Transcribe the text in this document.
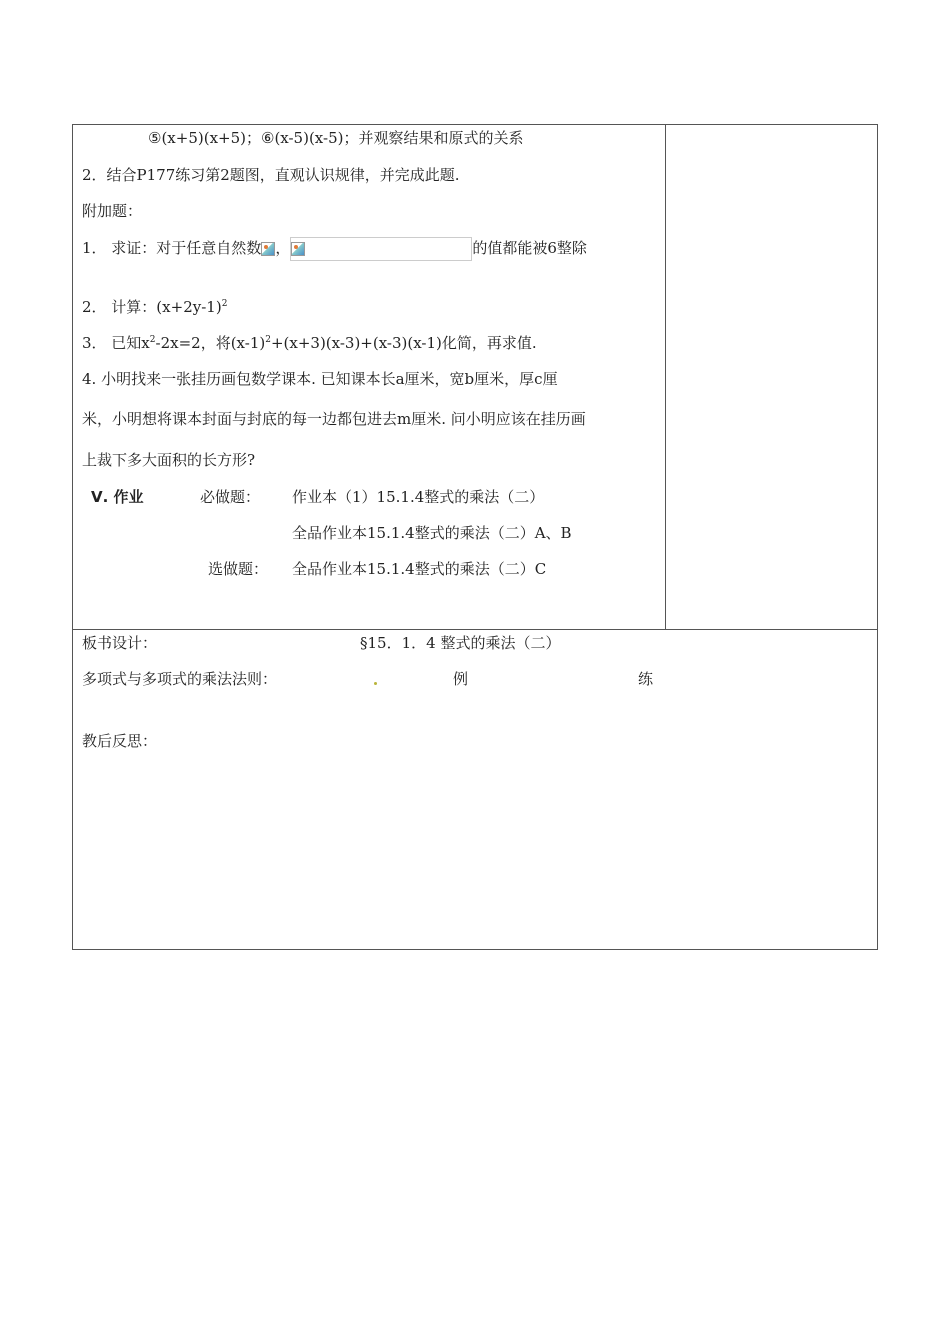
⑤(x+5)(x+5)；⑥(x-5)(x-5)；并观察结果和原式的关系
2．结合P177练习第2题图，直观认识规律，并完成此题.
附加题：
1． 求证：对于任意自然数 ，	的值都能被6整除
2． 计算：$(x+2y-1)^2$
3． 已知$x^2-2x=2$，将$(x-1)^2+(x+3)(x-3)+(x-3)(x-1)$化简，再求值.
4. 小明找来一张挂历画包数学课本. 已知课本长a厘米，宽b厘米，厚c厘
米，小明想将课本封面与封底的每一边都包进去m厘米. 问小明应该在挂历画
上裁下多大面积的长方形?
Ⅴ. 作业	必做题： 作业本（1）15.1.4整式的乘法（二）
全品作业本15.1.4整式的乘法（二）A、B
选做题： 全品作业本15.1.4整式的乘法（二）C
板书设计：	§15．1．4 整式的乘法（二）
多项式与多项式的乘法法则：	例	练
教后反思：
